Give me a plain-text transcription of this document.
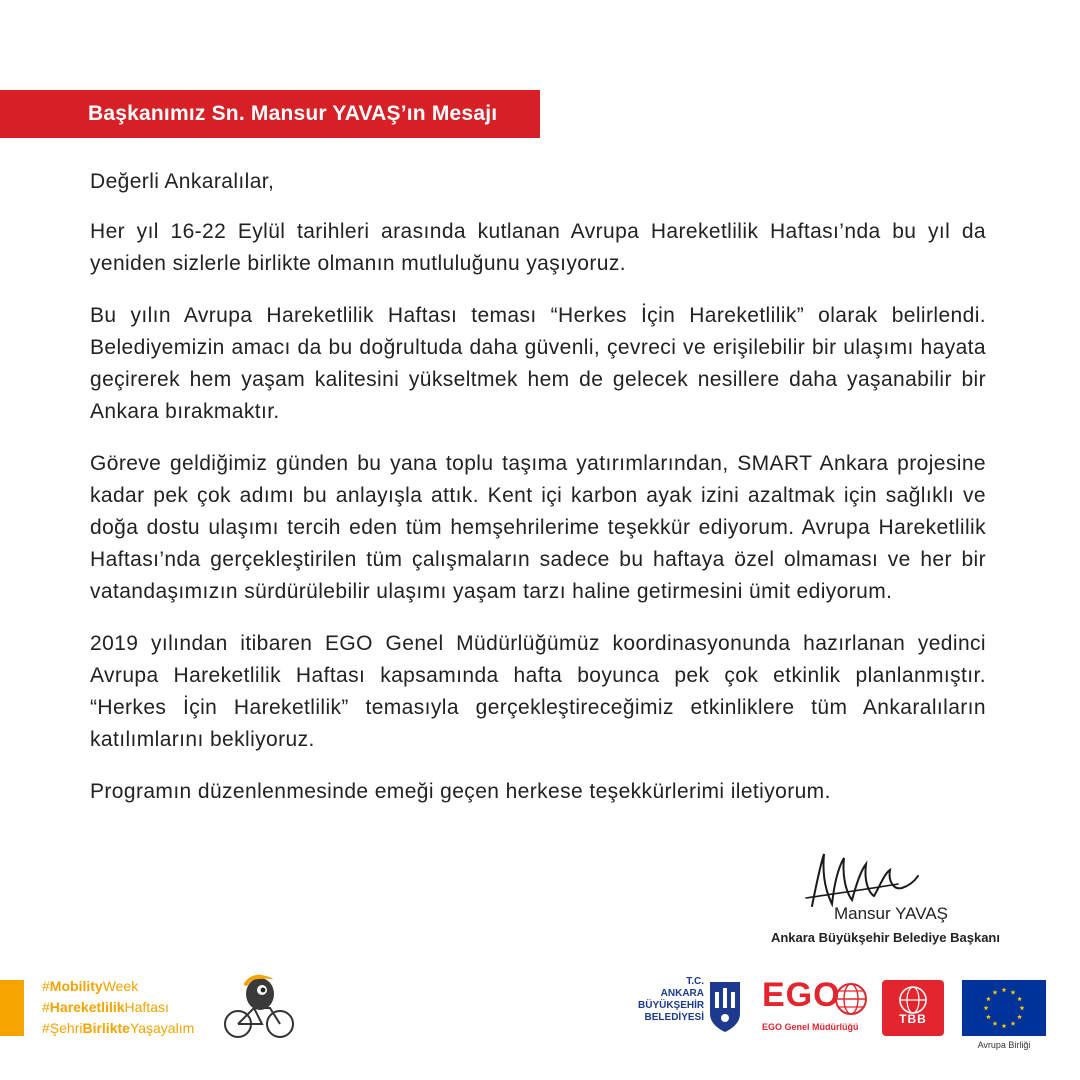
Başkanımız Sn. Mansur YAVAŞ’ın Mesajı

Değerli Ankaralılar,

Her yıl 16-22 Eylül tarihleri arasında kutlanan Avrupa Hareketlilik Haftası’nda bu yıl da yeniden sizlerle birlikte olmanın mutluluğunu yaşıyoruz.

Bu yılın Avrupa Hareketlilik Haftası teması “Herkes İçin Hareketlilik” olarak belirlendi. Belediyemizin amacı da bu doğrultuda daha güvenli, çevreci ve erişilebilir bir ulaşımı hayata geçirerek hem yaşam kalitesini yükseltmek hem de gelecek nesillere daha yaşanabilir bir Ankara bırakmaktır.

Göreve geldiğimiz günden bu yana toplu taşıma yatırımlarından, SMART Ankara projesine kadar pek çok adımı bu anlayışla attık. Kent içi karbon ayak izini azaltmak için sağlıklı ve doğa dostu ulaşımı tercih eden tüm hemşehrilerime teşekkür ediyorum. Avrupa Hareketlilik Haftası’nda gerçekleştirilen tüm çalışmaların sadece bu haftaya özel olmaması ve her bir vatandaşımızın sürdürülebilir ulaşımı yaşam tarzı haline getirmesini ümit ediyorum.

2019 yılından itibaren EGO Genel Müdürlüğümüz koordinasyonunda hazırlanan yedinci Avrupa Hareketlilik Haftası kapsamında hafta boyunca pek çok etkinlik planlanmıştır. “Herkes İçin Hareketlilik” temasıyla gerçekleştireceğimiz etkinliklere tüm Ankaralıların katılımlarını bekliyoruz.

Programın düzenlenmesinde emeği geçen herkese teşekkürlerimi iletiyorum.

Mansur YAVAŞ
Ankara Büyükşehir Belediye Başkanı
#MobilityWeek
#HareketlilikHaftası
#ŞehriBirlikteYaşayalım
T.C.
ANKARA
BÜYÜKŞEHİR
BELEDİYESİ
EGO
EGO Genel Müdürlüğü
TBB
Avrupa Birliği
